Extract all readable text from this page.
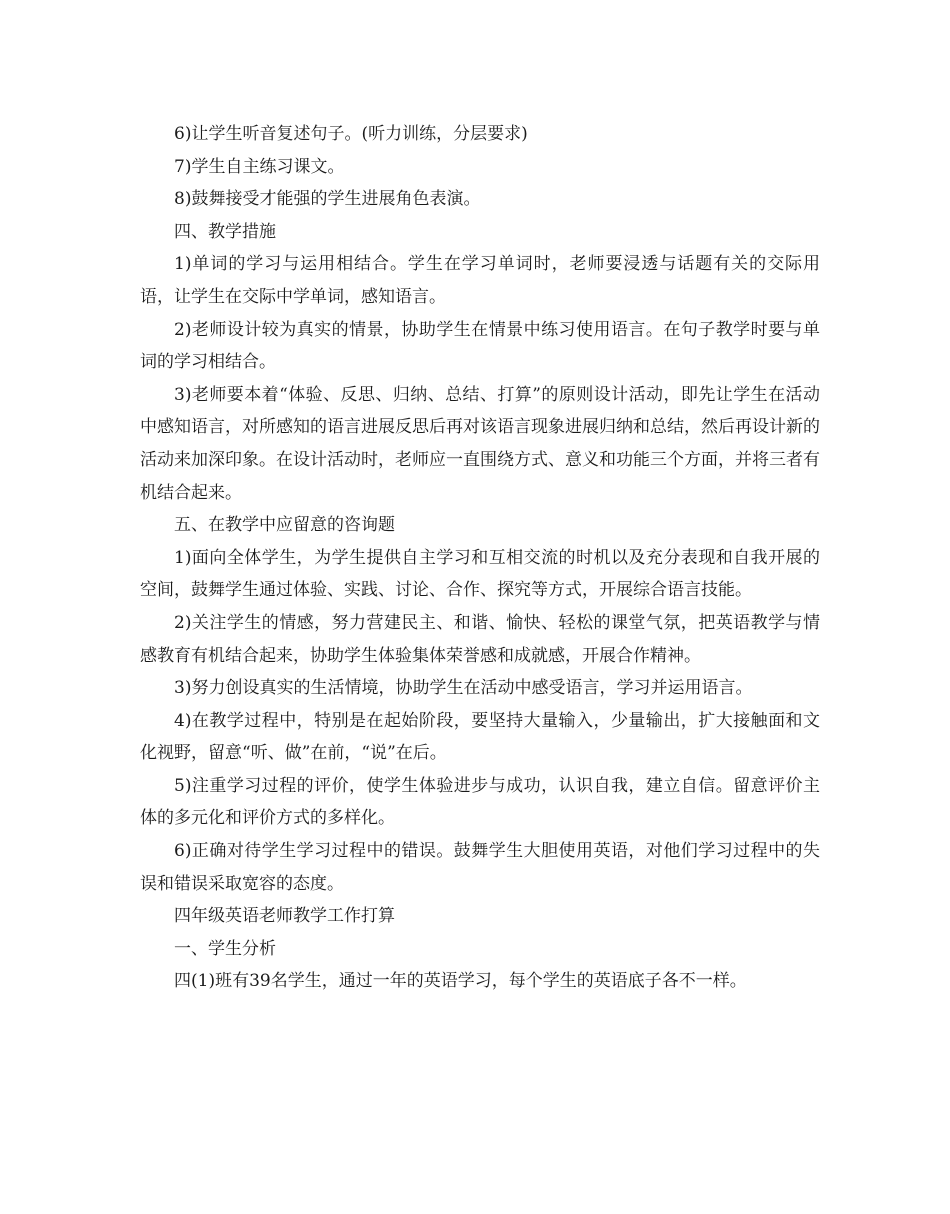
6)让学生听音复述句子。(听力训练，分层要求)

7)学生自主练习课文。

8)鼓舞接受才能强的学生进展角色表演。

四、教学措施

1)单词的学习与运用相结合。学生在学习单词时，老师要浸透与话题有关的交际用语，让学生在交际中学单词，感知语言。

2)老师设计较为真实的情景，协助学生在情景中练习使用语言。在句子教学时要与单词的学习相结合。

3)老师要本着“体验、反思、归纳、总结、打算”的原则设计活动，即先让学生在活动中感知语言，对所感知的语言进展反思后再对该语言现象进展归纳和总结，然后再设计新的活动来加深印象。在设计活动时，老师应一直围绕方式、意义和功能三个方面，并将三者有机结合起来。

五、在教学中应留意的咨询题

1)面向全体学生，为学生提供自主学习和互相交流的时机以及充分表现和自我开展的空间，鼓舞学生通过体验、实践、讨论、合作、探究等方式，开展综合语言技能。

2)关注学生的情感，努力营建民主、和谐、愉快、轻松的课堂气氛，把英语教学与情感教育有机结合起来，协助学生体验集体荣誉感和成就感，开展合作精神。

3)努力创设真实的生活情境，协助学生在活动中感受语言，学习并运用语言。

4)在教学过程中，特别是在起始阶段，要坚持大量输入，少量输出，扩大接触面和文化视野，留意“听、做”在前，“说”在后。

5)注重学习过程的评价，使学生体验进步与成功，认识自我，建立自信。留意评价主体的多元化和评价方式的多样化。

6)正确对待学生学习过程中的错误。鼓舞学生大胆使用英语，对他们学习过程中的失误和错误采取宽容的态度。

四年级英语老师教学工作打算

一、学生分析

四(1)班有39名学生，通过一年的英语学习，每个学生的英语底子各不一样。
